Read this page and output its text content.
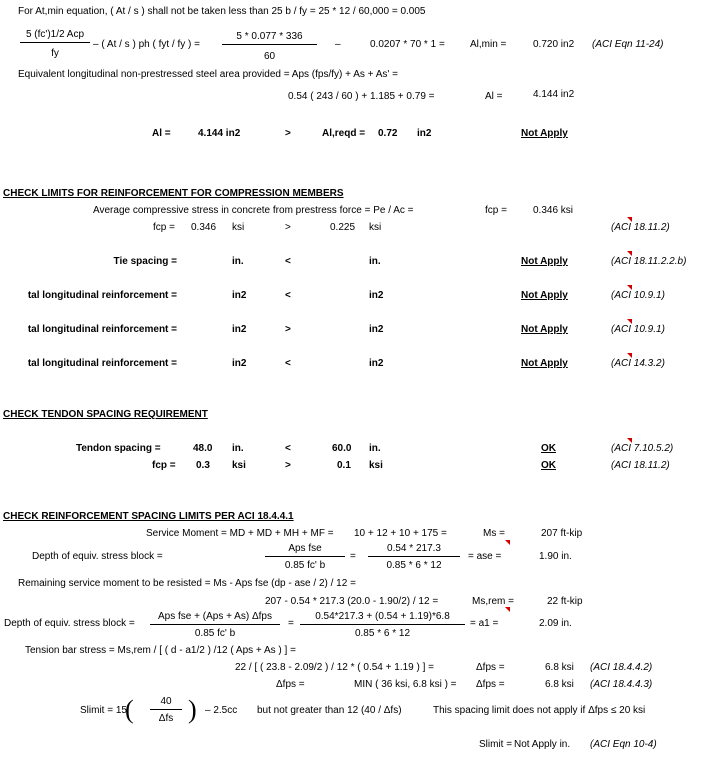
For At,min equation, ( At / s ) shall not be taken less than 25 b / fy = 25 * 12 / 60,000 = 0.005
5 (fc')1/2 Acp
fy
– ( At / s ) ph ( fyt / fy ) =
5 * 0.077 * 336
60
–	0.0207 * 70 * 1 =	Al,min =	0.720 in2 (ACI Eqn 11-24)
Equivalent longitudinal non-prestressed steel area provided = Aps (fps/fy) + As + As' =
0.54 ( 243 / 60 ) + 1.185 + 0.79 =	Al =	4.144 in2
Al =	4.144 in2	>	Al,reqd = 0.72 in2	Not Apply
CHECK LIMITS FOR REINFORCEMENT FOR COMPRESSION MEMBERS
Average compressive stress in concrete from prestress force = Pe / Ac =	fcp =	0.346 ksi
fcp = 0.346 ksi	>	0.225 ksi	(ACI 18.11.2)
Tie spacing =	in.	<	in.	Not Apply	(ACI 18.11.2.2.b)
tal longitudinal reinforcement =	in2	<	in2	Not Apply	(ACI 10.9.1)
tal longitudinal reinforcement =	in2	>	in2	Not Apply	(ACI 10.9.1)
tal longitudinal reinforcement =	in2	<	in2	Not Apply	(ACI 14.3.2)
CHECK TENDON SPACING REQUIREMENT
Tendon spacing =	48.0 in.	<	60.0 in.	OK	(ACI 7.10.5.2)
fcp = 0.3 ksi	>	0.1 ksi	OK	(ACI 18.11.2)
CHECK REINFORCEMENT SPACING LIMITS PER ACI 18.4.4.1
Service Moment = MD + MD + MH + MF = 10 + 12 + 10 + 175 =	Ms =	207 ft-kip
Depth of equiv. stress block =
Aps fse
0.85 fc' b
=
0.54 * 217.3
0.85 * 6 * 12
= ase =	1.90 in.
Remaining service moment to be resisted = Ms - Aps fse (dp - ase / 2) / 12 =
207 - 0.54 * 217.3 (20.0 - 1.90/2) / 12 =	Ms,rem =	22 ft-kip
Depth of equiv. stress block =
Aps fse + (Aps + As) Δfps
0.85 fc' b
=
0.54*217.3 + (0.54 + 1.19)*6.8
0.85 * 6 * 12
= a1 =	2.09 in.
Tension bar stress = Ms,rem / [ ( d - a1/2 ) /12 ( Aps + As ) ] =
22 / [ ( 23.8 - 2.09/2 ) / 12 * ( 0.54 + 1.19 ) ] =	Δfps =	6.8 ksi (ACI 18.4.4.2)
Δfps =	MIN ( 36 ksi, 6.8 ksi ) = Δfps =	6.8 ksi (ACI 18.4.4.3)
Slimit = 15
(	40
Δfs ) – 2.5cc but not greater than 12 (40 / Δfs)	This spacing limit does not apply if Δfps ≤ 20 ksi
Slimit = Not Apply in. (ACI Eqn 10-4)
